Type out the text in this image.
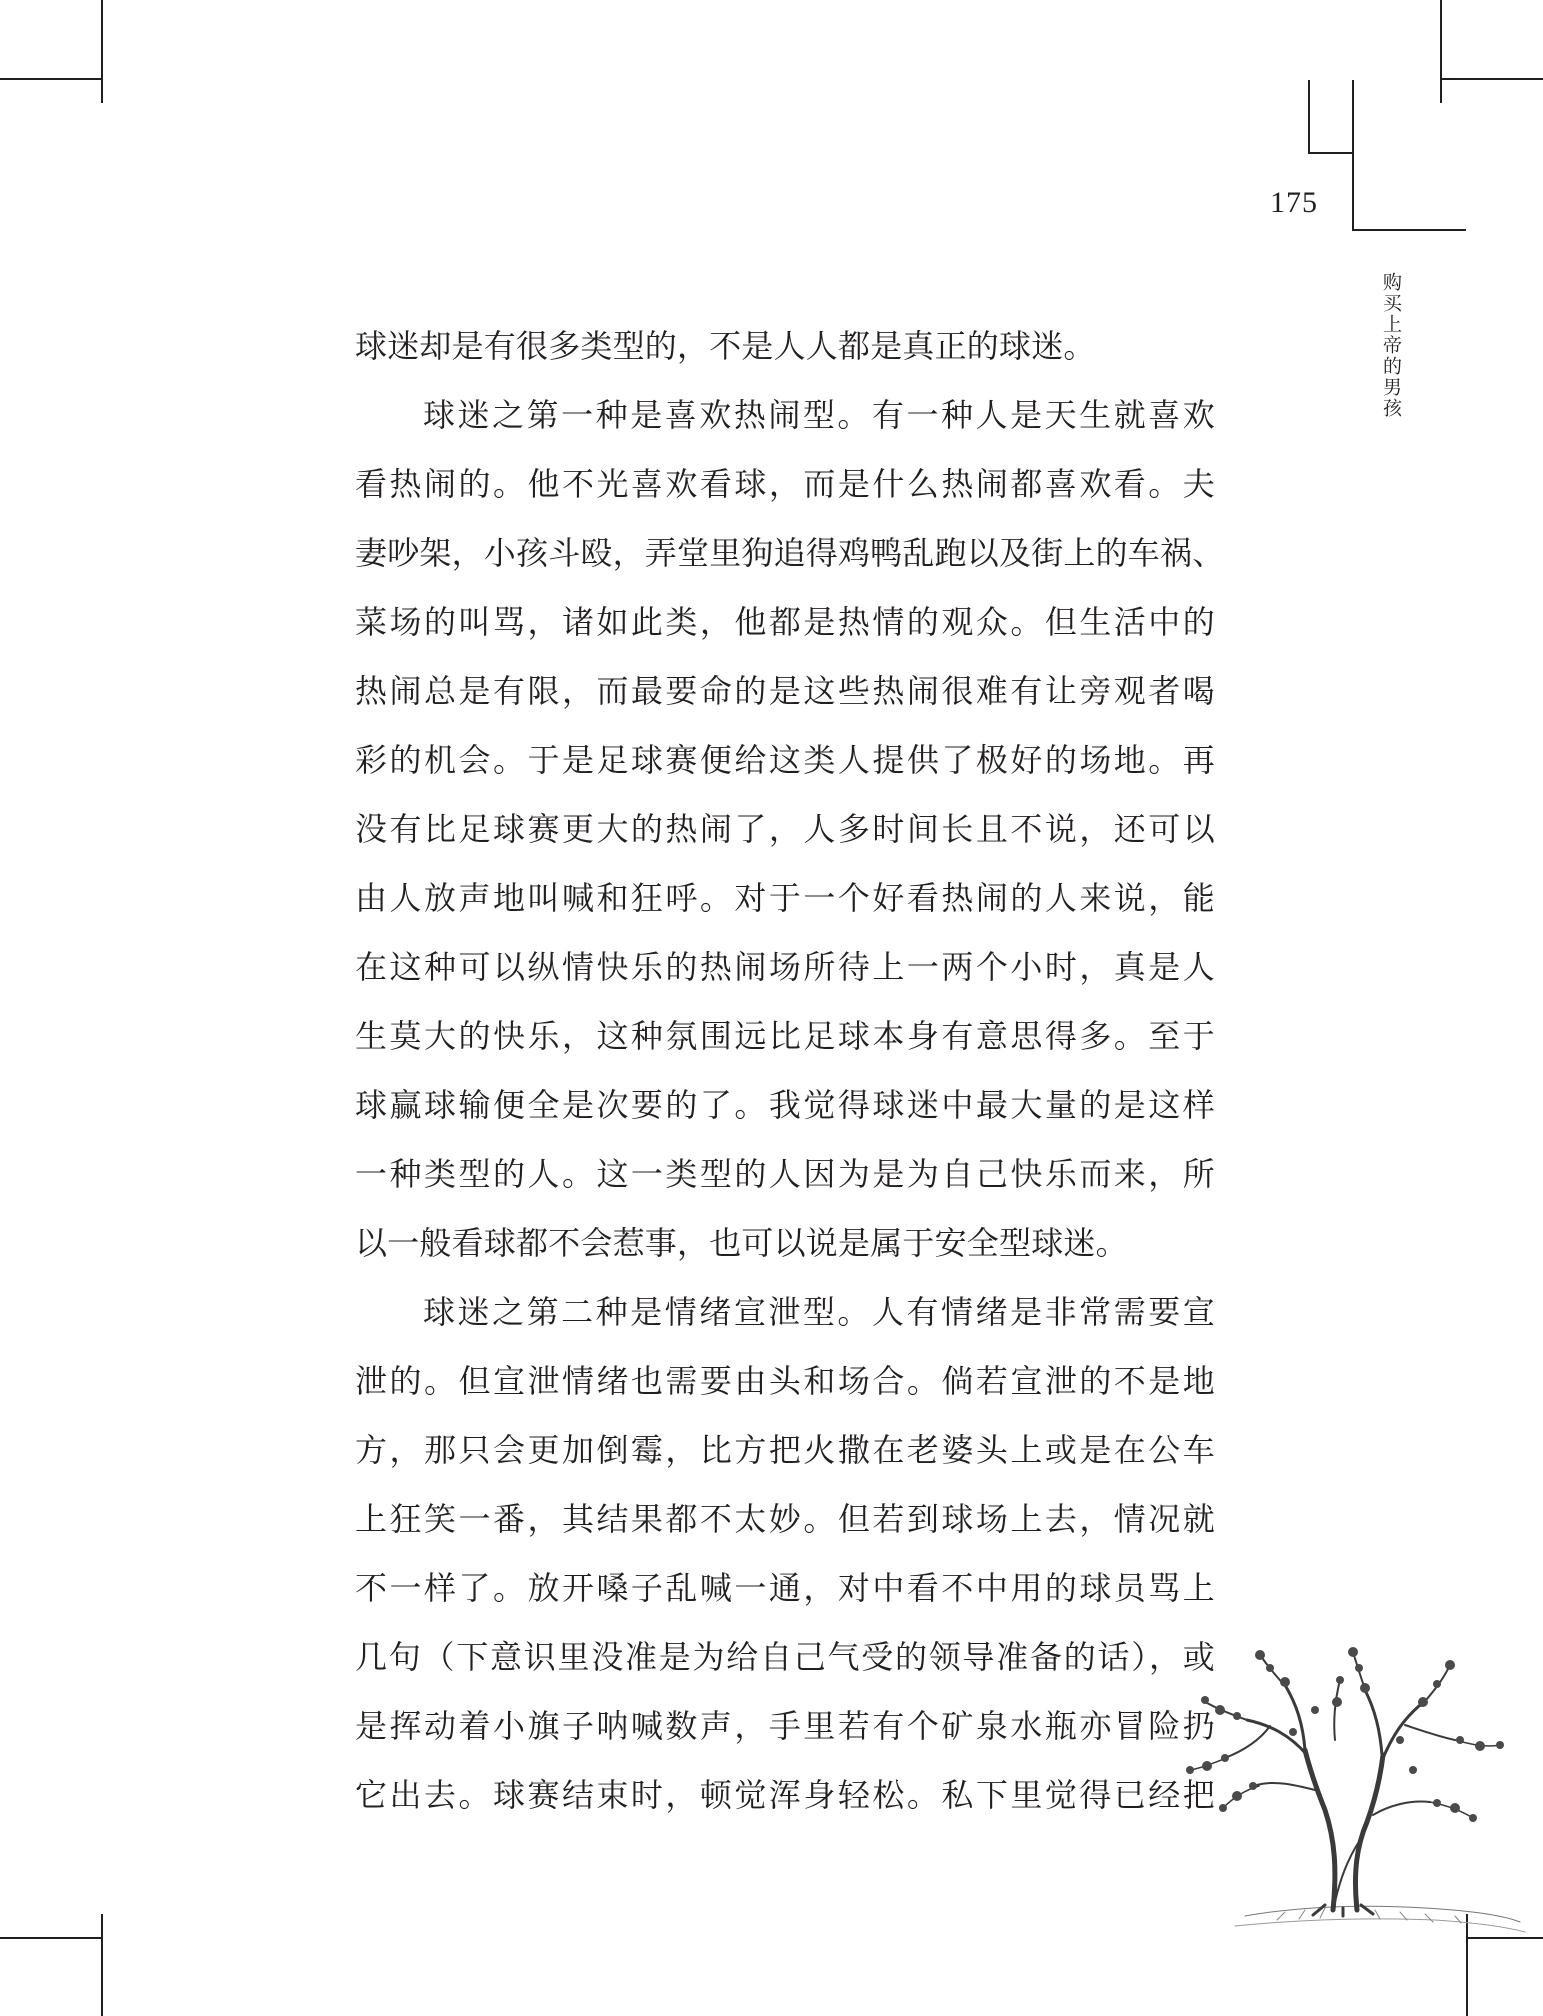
175
购买上帝的男孩
球迷却是有很多类型的，不是人人都是真正的球迷。
球迷之第一种是喜欢热闹型。有一种人是天生就喜欢
看热闹的。他不光喜欢看球，而是什么热闹都喜欢看。夫
妻吵架，小孩斗殴，弄堂里狗追得鸡鸭乱跑以及街上的车祸、
菜场的叫骂，诸如此类，他都是热情的观众。但生活中的
热闹总是有限，而最要命的是这些热闹很难有让旁观者喝
彩的机会。于是足球赛便给这类人提供了极好的场地。再
没有比足球赛更大的热闹了，人多时间长且不说，还可以
由人放声地叫喊和狂呼。对于一个好看热闹的人来说，能
在这种可以纵情快乐的热闹场所待上一两个小时，真是人
生莫大的快乐，这种氛围远比足球本身有意思得多。至于
球赢球输便全是次要的了。我觉得球迷中最大量的是这样
一种类型的人。这一类型的人因为是为自己快乐而来，所
以一般看球都不会惹事，也可以说是属于安全型球迷。
球迷之第二种是情绪宣泄型。人有情绪是非常需要宣
泄的。但宣泄情绪也需要由头和场合。倘若宣泄的不是地
方，那只会更加倒霉，比方把火撒在老婆头上或是在公车
上狂笑一番，其结果都不太妙。但若到球场上去，情况就
不一样了。放开嗓子乱喊一通，对中看不中用的球员骂上
几句（下意识里没准是为给自己气受的领导准备的话），或
是挥动着小旗子呐喊数声，手里若有个矿泉水瓶亦冒险扔
它出去。球赛结束时，顿觉浑身轻松。私下里觉得已经把
